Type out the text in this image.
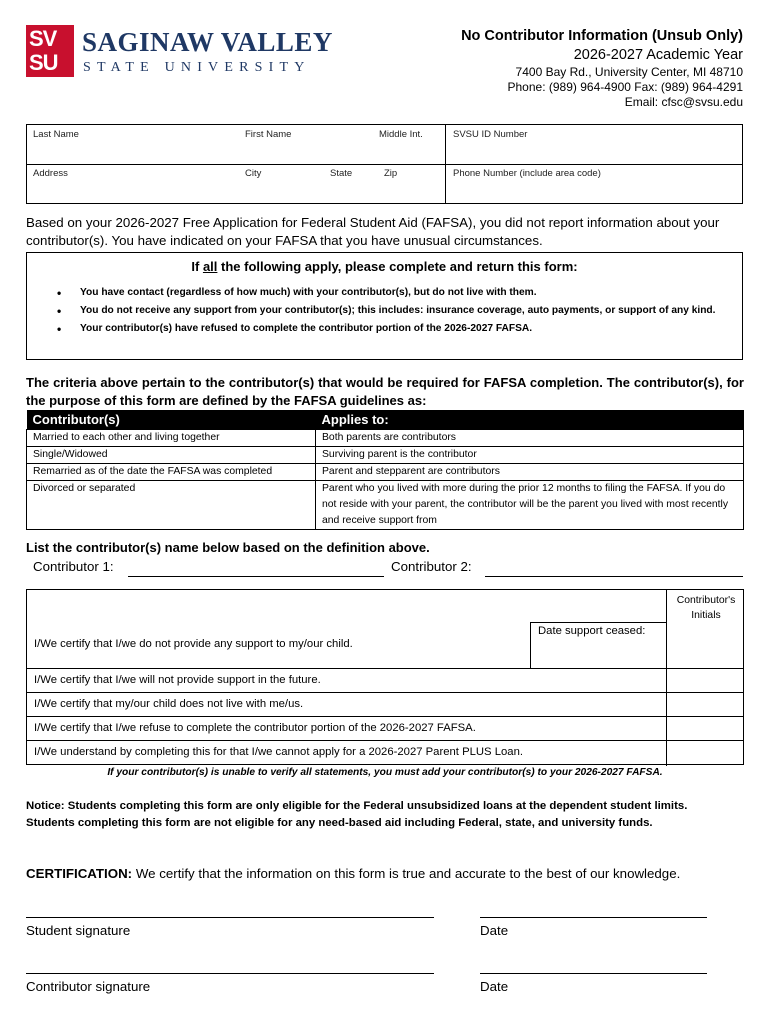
SV
SU
SAGINAW VALLEY
STATE UNIVERSITY
No Contributor Information (Unsub Only)
2026-2027 Academic Year
7400 Bay Rd., University Center, MI 48710
Phone: (989) 964-4900 Fax: (989) 964-4291
Email: cfsc@svsu.edu
Last Name	First Name	Middle Int.	SVSU ID Number
Address	City	State	Zip	Phone Number (include area code)
Based on your 2026-2027 Free Application for Federal Student Aid (FAFSA), you did not report information about your contributor(s). You have indicated on your FAFSA that you have unusual circumstances.
If all the following apply, please complete and return this form:
• You have contact (regardless of how much) with your contributor(s), but do not live with them.
• You do not receive any support from your contributor(s); this includes: insurance coverage, auto payments, or support of any kind.
• Your contributor(s) have refused to complete the contributor portion of the 2026-2027 FAFSA.
The criteria above pertain to the contributor(s) that would be required for FAFSA completion. The contributor(s), for the purpose of this form are defined by the FAFSA guidelines as:
Contributor(s)	Applies to:
Married to each other and living together	Both parents are contributors
Single/Widowed	Surviving parent is the contributor
Remarried as of the date the FAFSA was completed	Parent and stepparent are contributors
Divorced or separated	Parent who you lived with more during the prior 12 months to filing the FAFSA. If you do not reside with your parent, the contributor will be the parent you lived with most recently and receive support from
List the contributor(s) name below based on the definition above.
Contributor 1:	Contributor 2:
Contributor's Initials
Date support ceased:
I/We certify that I/we do not provide any support to my/our child.
I/We certify that I/we will not provide support in the future.
I/We certify that my/our child does not live with me/us.
I/We certify that I/we refuse to complete the contributor portion of the 2026-2027 FAFSA.
I/We understand by completing this for that I/we cannot apply for a 2026-2027 Parent PLUS Loan.
If your contributor(s) is unable to verify all statements, you must add your contributor(s) to your 2026-2027 FAFSA.
Notice: Students completing this form are only eligible for the Federal unsubsidized loans at the dependent student limits. Students completing this form are not eligible for any need-based aid including Federal, state, and university funds.
CERTIFICATION: We certify that the information on this form is true and accurate to the best of our knowledge.
Student signature	Date
Contributor signature	Date
